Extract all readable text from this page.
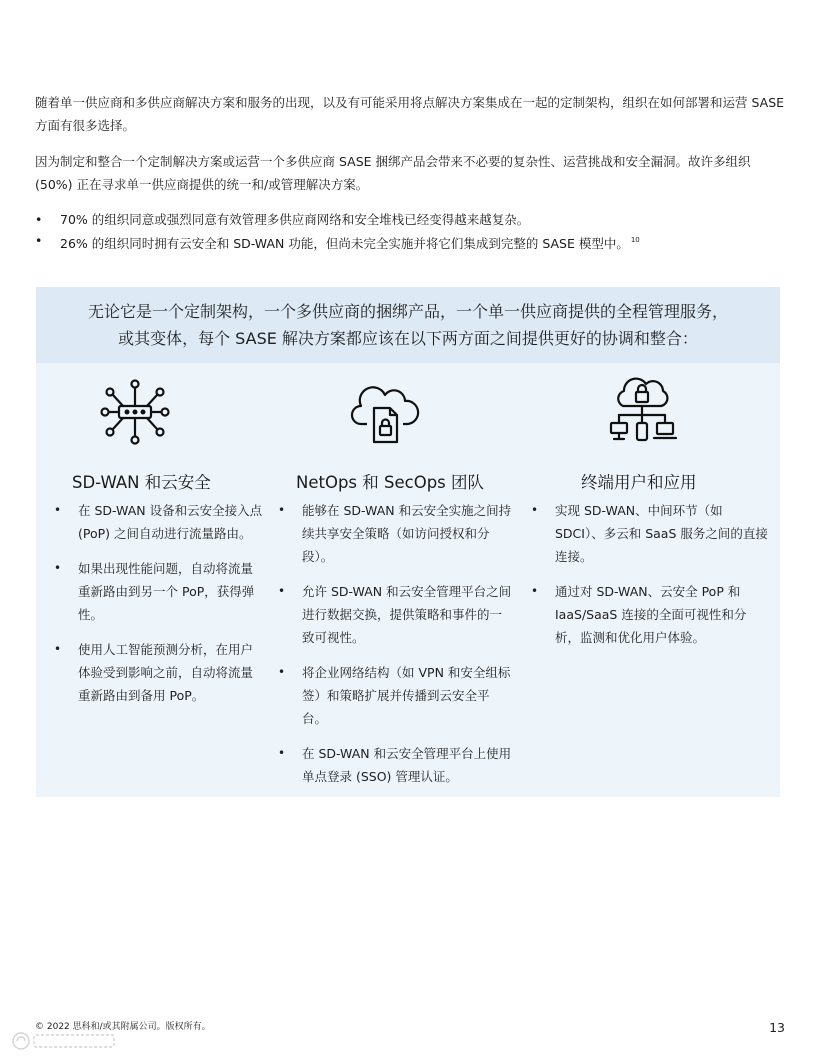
随着单一供应商和多供应商解决方案和服务的出现，以及有可能采用将点解决方案集成在一起的定制架构，组织在如何部署和运营 SASE 方面有很多选择。

因为制定和整合一个定制解决方案或运营一个多供应商 SASE 捆绑产品会带来不必要的复杂性、运营挑战和安全漏洞。故许多组织 (50%) 正在寻求单一供应商提供的统一和/或管理解决方案。

• 70% 的组织同意或强烈同意有效管理多供应商网络和安全堆栈已经变得越来越复杂。
• 26% 的组织同时拥有云安全和 SD-WAN 功能，但尚未完全实施并将它们集成到完整的 SASE 模型中。 $^{10}$
无论它是一个定制架构，一个多供应商的捆绑产品，一个单一供应商提供的全程管理服务，
或其变体，每个 SASE 解决方案都应该在以下两方面之间提供更好的协调和整合：
SD-WAN 和云安全
• 在 SD-WAN 设备和云安全接入点 (PoP) 之间自动进行流量路由。
• 如果出现性能问题，自动将流量重新路由到另一个 PoP，获得弹性。
• 使用人工智能预测分析，在用户体验受到影响之前，自动将流量重新路由到备用 PoP。
NetOps 和 SecOps 团队
• 能够在 SD-WAN 和云安全实施之间持续共享安全策略（如访问授权和分段）。
• 允许 SD-WAN 和云安全管理平台之间进行数据交换，提供策略和事件的一致可视性。
• 将企业网络结构（如 VPN 和安全组标签）和策略扩展并传播到云安全平台。
• 在 SD-WAN 和云安全管理平台上使用单点登录 (SSO) 管理认证。
终端用户和应用
• 实现 SD-WAN、中间环节（如 SDCI）、多云和 SaaS 服务之间的直接连接。
• 通过对 SD-WAN、云安全 PoP 和 IaaS/SaaS 连接的全面可视性和分析，监测和优化用户体验。
© 2022 思科和/或其附属公司。版权所有。	13
